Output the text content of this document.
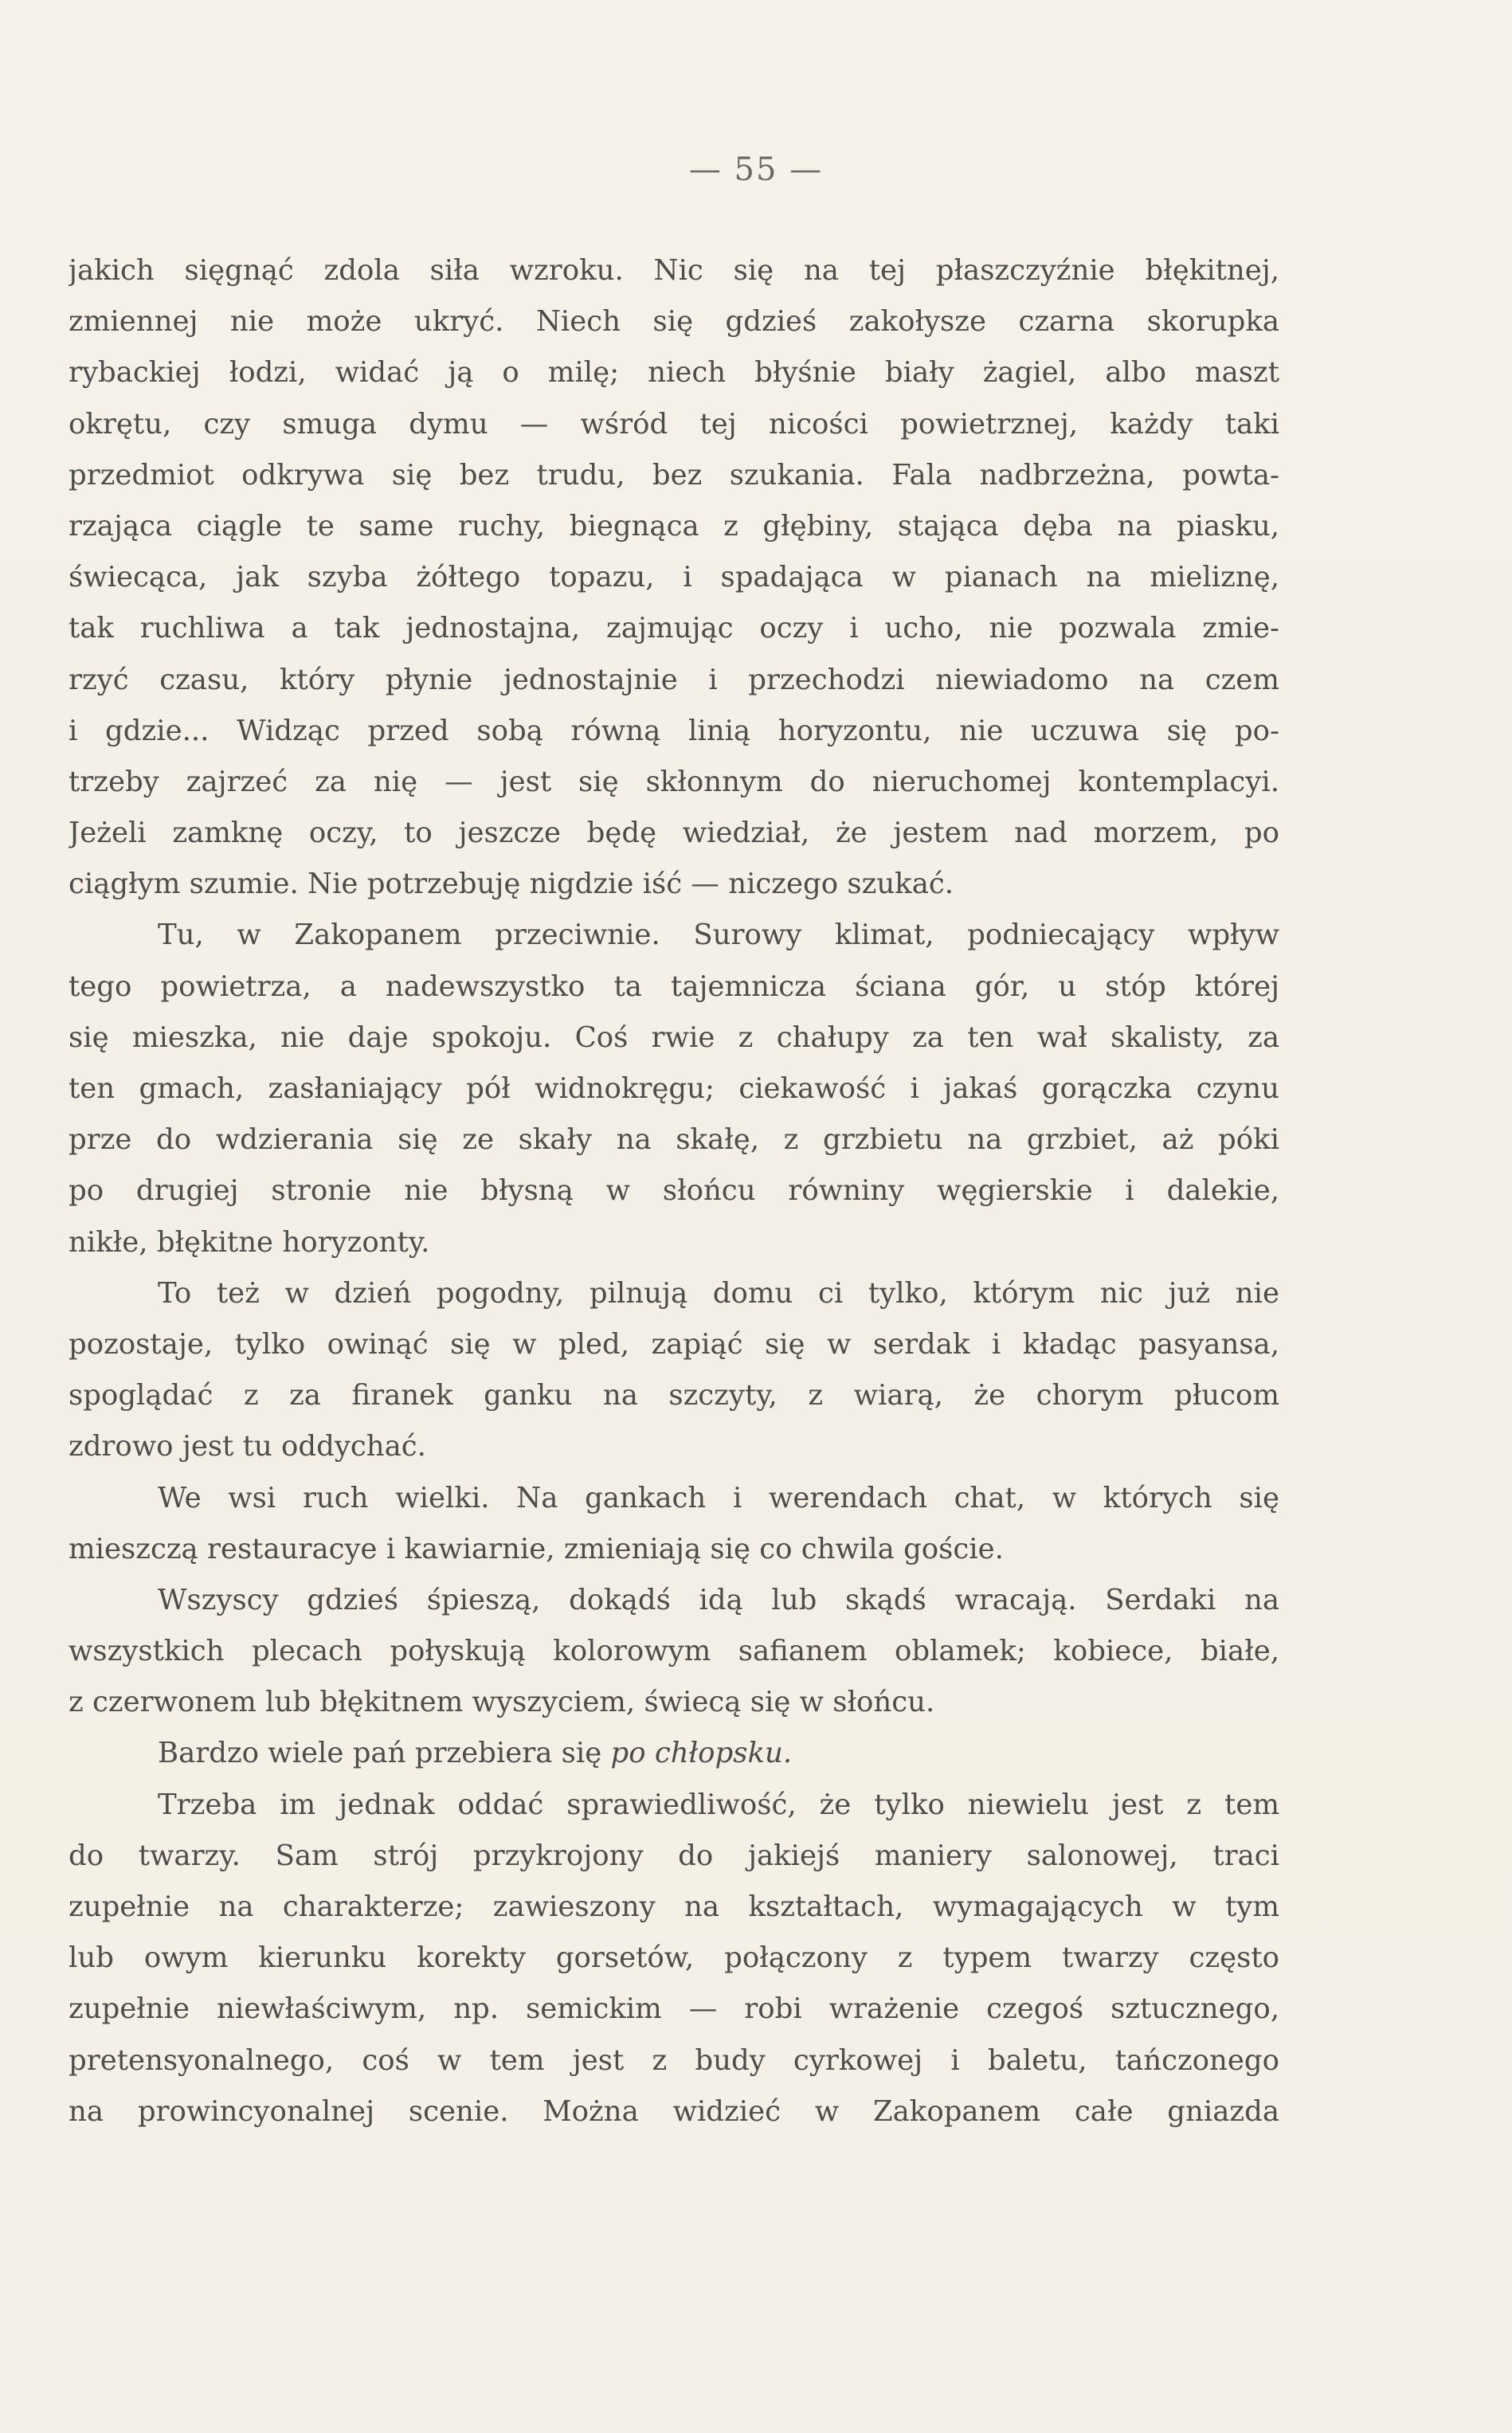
— 55 —
jakich sięgnąć zdola siła wzroku. Nic się na tej płaszczyźnie błękitnej,
zmiennej nie może ukryć. Niech się gdzieś zakołysze czarna skorupka
rybackiej łodzi, widać ją o milę; niech błyśnie biały żagiel, albo maszt
okrętu, czy smuga dymu — wśród tej nicości powietrznej, każdy taki
przedmiot odkrywa się bez trudu, bez szukania. Fala nadbrzeżna, powta-
rzająca ciągle te same ruchy, biegnąca z głębiny, stająca dęba na piasku,
świecąca, jak szyba żółtego topazu, i spadająca w pianach na mieliznę,
tak ruchliwa a tak jednostajna, zajmując oczy i ucho, nie pozwala zmie-
rzyć czasu, który płynie jednostajnie i przechodzi niewiadomo na czem
i gdzie... Widząc przed sobą równą linią horyzontu, nie uczuwa się po-
trzeby zajrzeć za nię — jest się skłonnym do nieruchomej kontemplacyi.
Jeżeli zamknę oczy, to jeszcze będę wiedział, że jestem nad morzem, po
ciągłym szumie. Nie potrzebuję nigdzie iść — niczego szukać.
Tu, w Zakopanem przeciwnie. Surowy klimat, podniecający wpływ
tego powietrza, a nadewszystko ta tajemnicza ściana gór, u stóp której
się mieszka, nie daje spokoju. Coś rwie z chałupy za ten wał skalisty, za
ten gmach, zasłaniający pół widnokręgu; ciekawość i jakaś gorączka czynu
prze do wdzierania się ze skały na skałę, z grzbietu na grzbiet, aż póki
po drugiej stronie nie błysną w słońcu równiny węgierskie i dalekie,
nikłe, błękitne horyzonty.
To też w dzień pogodny, pilnują domu ci tylko, którym nic już nie
pozostaje, tylko owinąć się w pled, zapiąć się w serdak i kładąc pasyansa,
spoglądać z za firanek ganku na szczyty, z wiarą, że chorym płucom
zdrowo jest tu oddychać.
We wsi ruch wielki. Na gankach i werendach chat, w których się
mieszczą restauracye i kawiarnie, zmieniają się co chwila goście.
Wszyscy gdzieś śpieszą, dokądś idą lub skądś wracają. Serdaki na
wszystkich plecach połyskują kolorowym safianem oblamek; kobiece, białe,
z czerwonem lub błękitnem wyszyciem, świecą się w słońcu.
Bardzo wiele pań przebiera się po chłopsku.
Trzeba im jednak oddać sprawiedliwość, że tylko niewielu jest z tem
do twarzy. Sam strój przykrojony do jakiejś maniery salonowej, traci
zupełnie na charakterze; zawieszony na kształtach, wymagających w tym
lub owym kierunku korekty gorsetów, połączony z typem twarzy często
zupełnie niewłaściwym, np. semickim — robi wrażenie czegoś sztucznego,
pretensyonalnego, coś w tem jest z budy cyrkowej i baletu, tańczonego
na prowincyonalnej scenie. Można widzieć w Zakopanem całe gniazda
